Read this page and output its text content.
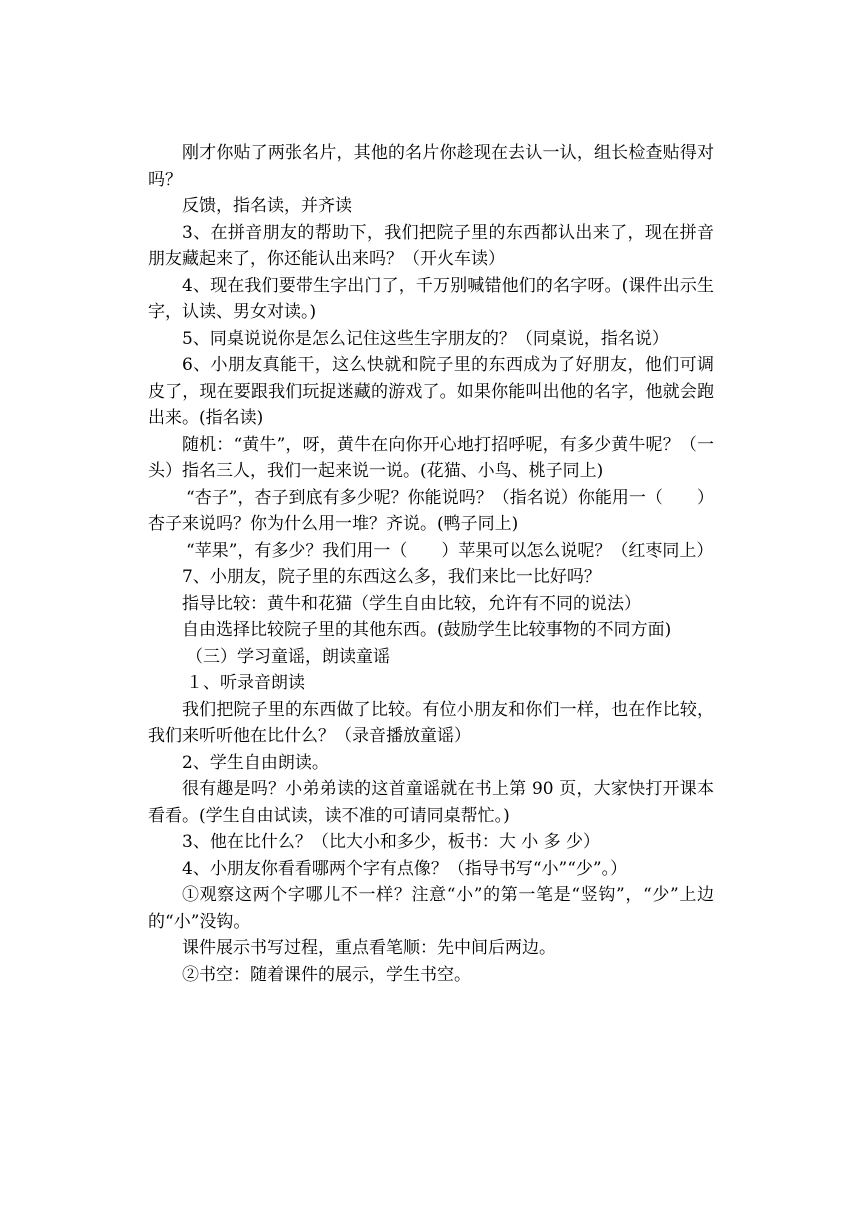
刚才你贴了两张名片，其他的名片你趁现在去认一认，组长检查贴得对吗？

反馈，指名读，并齐读

3、在拼音朋友的帮助下，我们把院子里的东西都认出来了，现在拼音朋友藏起来了，你还能认出来吗？（开火车读）

4、现在我们要带生字出门了，千万别喊错他们的名字呀。(课件出示生字，认读、男女对读。)

5、同桌说说你是怎么记住这些生字朋友的？（同桌说，指名说）

6、小朋友真能干，这么快就和院子里的东西成为了好朋友，他们可调皮了，现在要跟我们玩捉迷藏的游戏了。如果你能叫出他的名字，他就会跑出来。(指名读)

随机：“黄牛”，呀，黄牛在向你开心地打招呼呢，有多少黄牛呢？（一头）指名三人，我们一起来说一说。(花猫、小鸟、桃子同上)

“杏子”，杏子到底有多少呢？你能说吗？（指名说）你能用一（　　）杏子来说吗？你为什么用一堆？齐说。(鸭子同上)

“苹果”，有多少？我们用一（　　）苹果可以怎么说呢？（红枣同上）

7、小朋友，院子里的东西这么多，我们来比一比好吗？

指导比较：黄牛和花猫（学生自由比较，允许有不同的说法）

自由选择比较院子里的其他东西。(鼓励学生比较事物的不同方面)

（三）学习童谣，朗读童谣

１、听录音朗读

我们把院子里的东西做了比较。有位小朋友和你们一样，也在作比较，我们来听听他在比什么？（录音播放童谣）

2、学生自由朗读。

很有趣是吗？小弟弟读的这首童谣就在书上第 90 页，大家快打开课本看看。(学生自由试读，读不准的可请同桌帮忙。)

3、他在比什么？（比大小和多少，板书：大 小 多 少）

4、小朋友你看看哪两个字有点像？（指导书写“小”“少”。）

①观察这两个字哪儿不一样？注意“小”的第一笔是“竖钩”，“少”上边的“小”没钩。

课件展示书写过程，重点看笔顺：先中间后两边。

②书空：随着课件的展示，学生书空。
